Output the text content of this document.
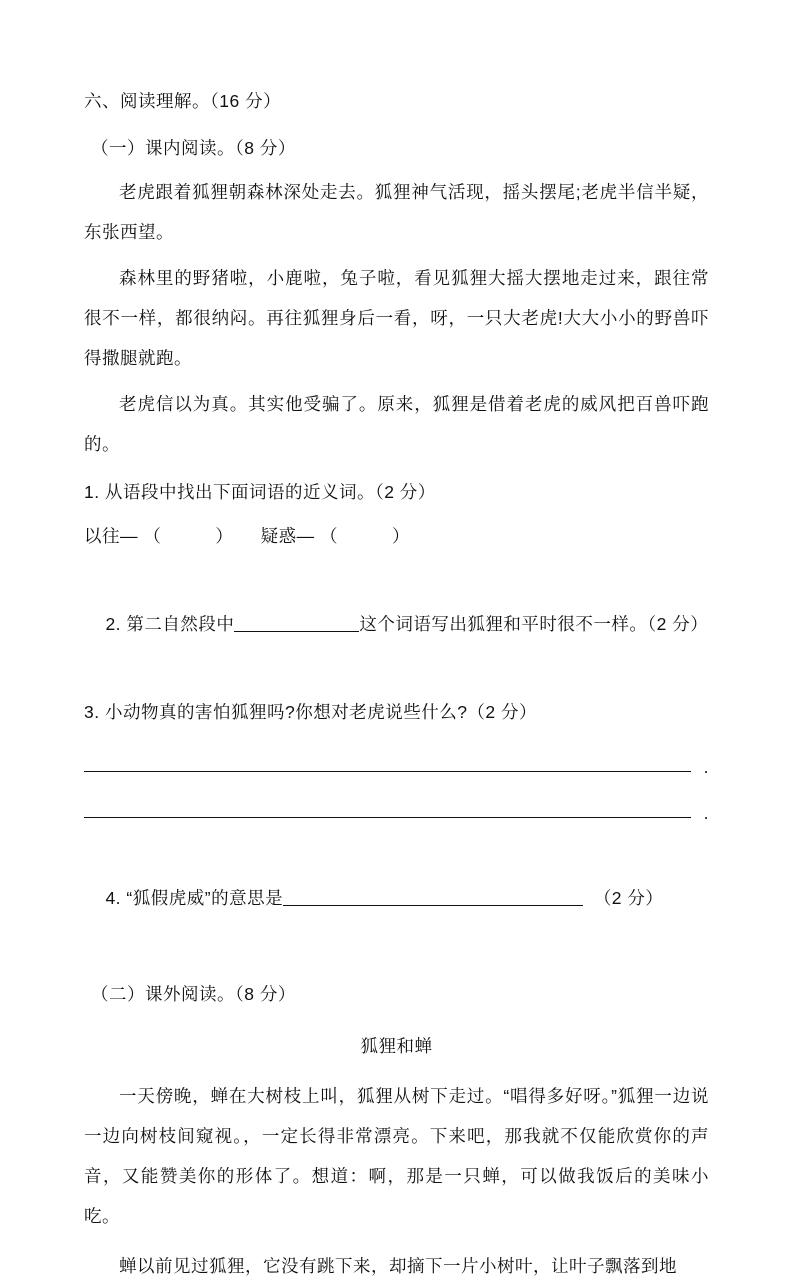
六、阅读理解。（16 分）
（一）课内阅读。（8 分）

老虎跟着狐狸朝森林深处走去。狐狸神气活现，摇头摆尾;老虎半信半疑，东张西望。

森林里的野猪啦，小鹿啦，兔子啦，看见狐狸大摇大摆地走过来，跟往常很不一样，都很纳闷。再往狐狸身后一看，呀，一只大老虎!大大小小的野兽吓得撒腿就跑。

老虎信以为真。其实他受骗了。原来，狐狸是借着老虎的威风把百兽吓跑的。

1. 从语段中找出下面词语的近义词。（2 分）
以往— （　　　）　　疑惑— （　　　）

2. 第二自然段中	这个词语写出狐狸和平时很不一样。（2 分）

3. 小动物真的害怕狐狸吗?你想对老虎说些什么?（2 分）
.
.

4. “狐假虎威”的意思是	（2 分）

（二）课外阅读。（8 分）
狐狸和蝉

一天傍晚，蝉在大树枝上叫，狐狸从树下走过。“唱得多好呀。”狐狸一边说一边向树枝间窥视。，一定长得非常漂亮。下来吧，那我就不仅能欣赏你的声音，又能赞美你的形体了。想道：啊，那是一只蝉，可以做我饭后的美味小吃。

蝉以前见过狐狸，它没有跳下来，却摘下一片小树叶，让叶子飘落到地
